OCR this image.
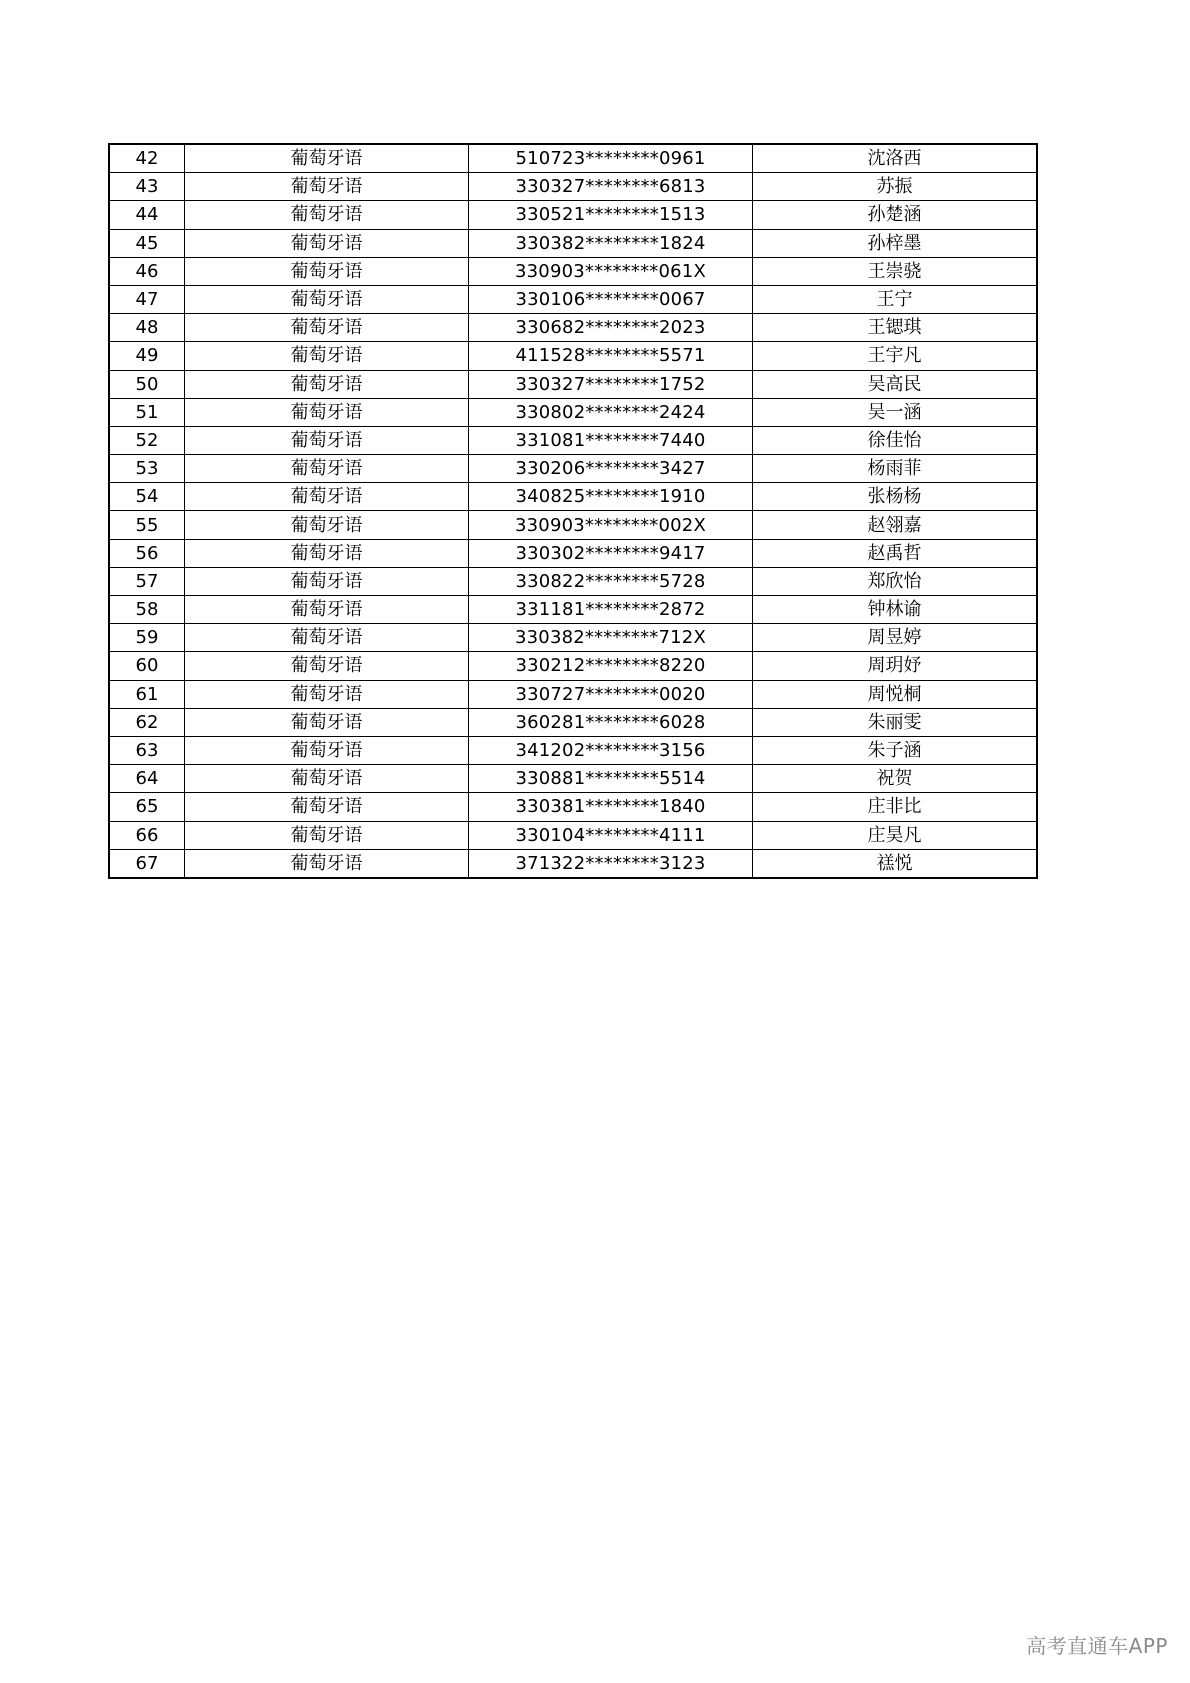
42	葡萄牙语	510723********0961	沈洛西
43	葡萄牙语	330327********6813	苏振
44	葡萄牙语	330521********1513	孙楚涵
45	葡萄牙语	330382********1824	孙梓墨
46	葡萄牙语	330903********061X	王崇骁
47	葡萄牙语	330106********0067	王宁
48	葡萄牙语	330682********2023	王锶琪
49	葡萄牙语	411528********5571	王宇凡
50	葡萄牙语	330327********1752	吴高民
51	葡萄牙语	330802********2424	吴一涵
52	葡萄牙语	331081********7440	徐佳怡
53	葡萄牙语	330206********3427	杨雨菲
54	葡萄牙语	340825********1910	张杨杨
55	葡萄牙语	330903********002X	赵翎嘉
56	葡萄牙语	330302********9417	赵禹哲
57	葡萄牙语	330822********5728	郑欣怡
58	葡萄牙语	331181********2872	钟林谕
59	葡萄牙语	330382********712X	周昱婷
60	葡萄牙语	330212********8220	周玥妤
61	葡萄牙语	330727********0020	周悦桐
62	葡萄牙语	360281********6028	朱丽雯
63	葡萄牙语	341202********3156	朱子涵
64	葡萄牙语	330881********5514	祝贺
65	葡萄牙语	330381********1840	庄非比
66	葡萄牙语	330104********4111	庄昊凡
67	葡萄牙语	371322********3123	禚悦
高考直通车APP
